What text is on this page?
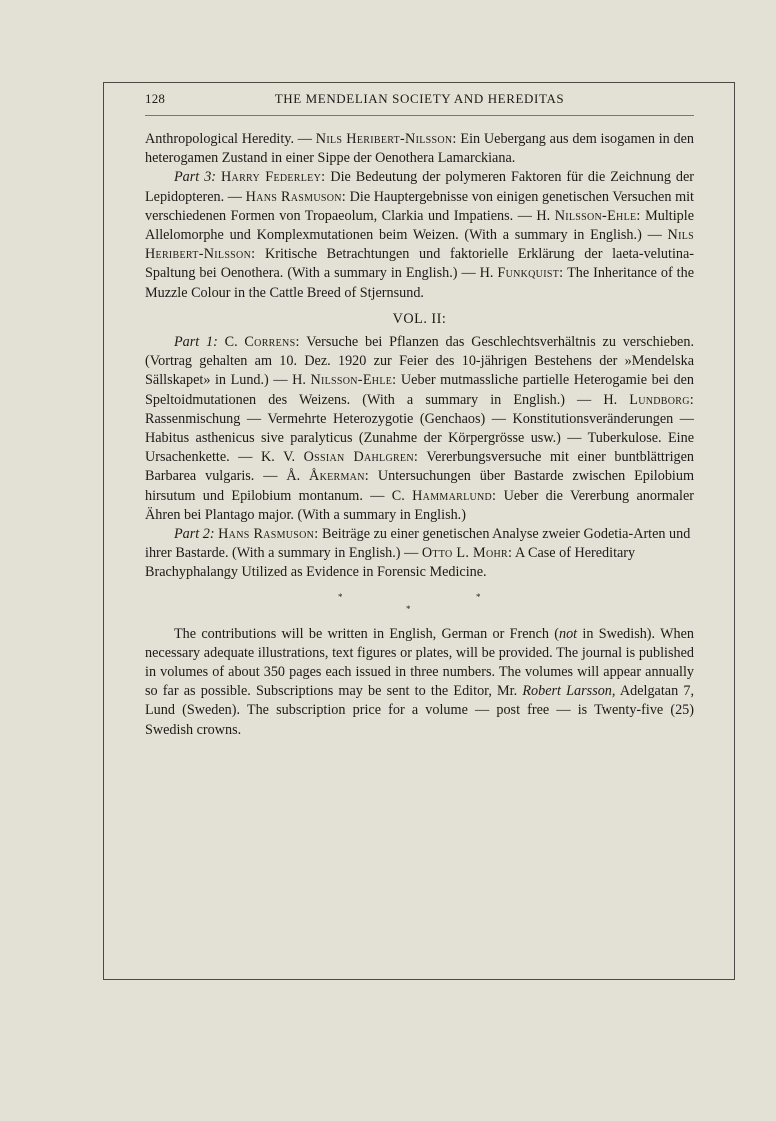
128	THE MENDELIAN SOCIETY AND HEREDITAS

Anthropological Heredity. — Nils Heribert-Nilsson: Ein Uebergang aus dem isogamen in den heterogamen Zustand in einer Sippe der Oenothera Lamarckiana.

Part 3: Harry Federley: Die Bedeutung der polymeren Faktoren für die Zeichnung der Lepidopteren. — Hans Rasmuson: Die Hauptergebnisse von einigen genetischen Versuchen mit verschiedenen Formen von Tropaeolum, Clarkia und Impatiens. — H. Nilsson-Ehle: Multiple Allelomorphe und Komplexmutationen beim Weizen. (With a summary in English.) — Nils Heribert-Nilsson: Kritische Betrachtungen und faktorielle Erklärung der laeta-velutina-Spaltung bei Oenothera. (With a summary in English.) — H. Funkquist: The Inheritance of the Muzzle Colour in the Cattle Breed of Stjernsund.

VOL. II:

Part 1: C. Correns: Versuche bei Pflanzen das Geschlechtsverhältnis zu verschieben. (Vortrag gehalten am 10. Dez. 1920 zur Feier des 10-jährigen Bestehens der »Mendelska Sällskapet» in Lund.) — H. Nilsson-Ehle: Ueber mutmassliche partielle Heterogamie bei den Speltoidmutationen des Weizens. (With a summary in English.) — H. Lundborg: Rassenmischung — Vermehrte Heterozygotie (Genchaos) — Konstitutionsveränderungen — Habitus asthenicus sive paralyticus (Zunahme der Körpergrösse usw.) — Tuberkulose. Eine Ursachenkette. — K. V. Ossian Dahlgren: Vererbungsversuche mit einer buntblättrigen Barbarea vulgaris. — Å. Åkerman: Untersuchungen über Bastarde zwischen Epilobium hirsutum und Epilobium montanum. — C. Hammarlund: Ueber die Vererbung anormaler Ähren bei Plantago major. (With a summary in English.)

Part 2: Hans Rasmuson: Beiträge zu einer genetischen Analyse zweier Godetia-Arten und ihrer Bastarde. (With a summary in English.) — Otto L. Mohr: A Case of Hereditary Brachyphalangy Utilized as Evidence in Forensic Medicine.

*	*
*

The contributions will be written in English, German or French (not in Swedish). When necessary adequate illustrations, text figures or plates, will be provided. The journal is published in volumes of about 350 pages each issued in three numbers. The volumes will appear annually so far as possible. Subscriptions may be sent to the Editor, Mr. Robert Larsson, Adelgatan 7, Lund (Sweden). The subscription price for a volume — post free — is Twenty-five (25) Swedish crowns.
